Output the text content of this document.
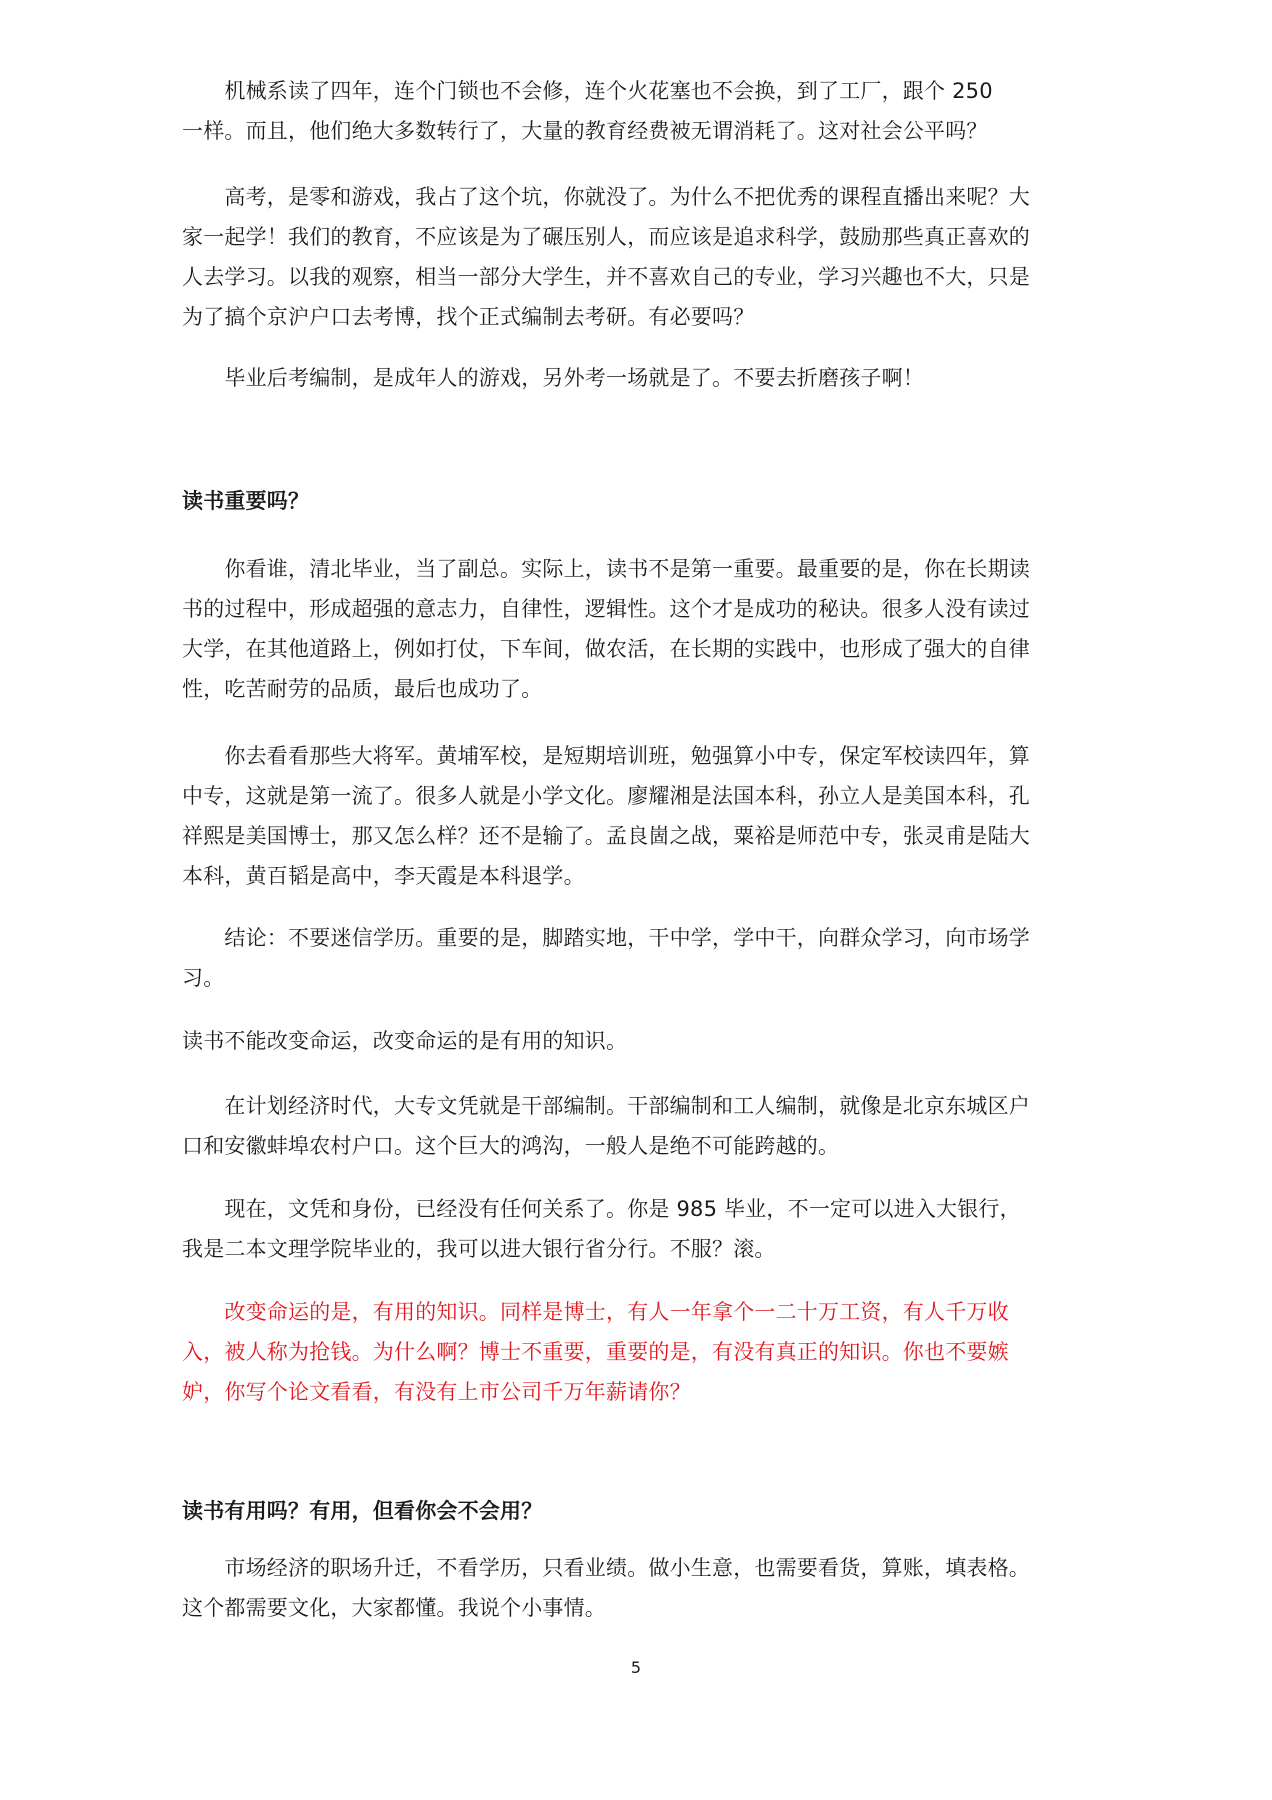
　　机械系读了四年，连个门锁也不会修，连个火花塞也不会换，到了工厂，跟个 250
一样。而且，他们绝大多数转行了，大量的教育经费被无谓消耗了。这对社会公平吗？

　　高考，是零和游戏，我占了这个坑，你就没了。为什么不把优秀的课程直播出来呢？大
家一起学！我们的教育，不应该是为了碾压别人，而应该是追求科学，鼓励那些真正喜欢的
人去学习。以我的观察，相当一部分大学生，并不喜欢自己的专业，学习兴趣也不大，只是
为了搞个京沪户口去考博，找个正式编制去考研。有必要吗？

　　毕业后考编制，是成年人的游戏，另外考一场就是了。不要去折磨孩子啊！

读书重要吗？

　　你看谁，清北毕业，当了副总。实际上，读书不是第一重要。最重要的是，你在长期读
书的过程中，形成超强的意志力，自律性，逻辑性。这个才是成功的秘诀。很多人没有读过
大学，在其他道路上，例如打仗，下车间，做农活，在长期的实践中，也形成了强大的自律
性，吃苦耐劳的品质，最后也成功了。

　　你去看看那些大将军。黄埔军校，是短期培训班，勉强算小中专，保定军校读四年，算
中专，这就是第一流了。很多人就是小学文化。廖耀湘是法国本科，孙立人是美国本科，孔
祥熙是美国博士，那又怎么样？还不是输了。孟良崮之战，粟裕是师范中专，张灵甫是陆大
本科，黄百韬是高中，李天霞是本科退学。

　　结论：不要迷信学历。重要的是，脚踏实地，干中学，学中干，向群众学习，向市场学
习。

读书不能改变命运，改变命运的是有用的知识。

　　在计划经济时代，大专文凭就是干部编制。干部编制和工人编制，就像是北京东城区户
口和安徽蚌埠农村户口。这个巨大的鸿沟，一般人是绝不可能跨越的。

　　现在，文凭和身份，已经没有任何关系了。你是 985 毕业，不一定可以进入大银行，
我是二本文理学院毕业的，我可以进大银行省分行。不服？滚。

　　改变命运的是，有用的知识。同样是博士，有人一年拿个一二十万工资，有人千万收
入，被人称为抢钱。为什么啊？博士不重要，重要的是，有没有真正的知识。你也不要嫉
妒，你写个论文看看，有没有上市公司千万年薪请你？

读书有用吗？有用，但看你会不会用？

　　市场经济的职场升迁，不看学历，只看业绩。做小生意，也需要看货，算账，填表格。
这个都需要文化，大家都懂。我说个小事情。

5
